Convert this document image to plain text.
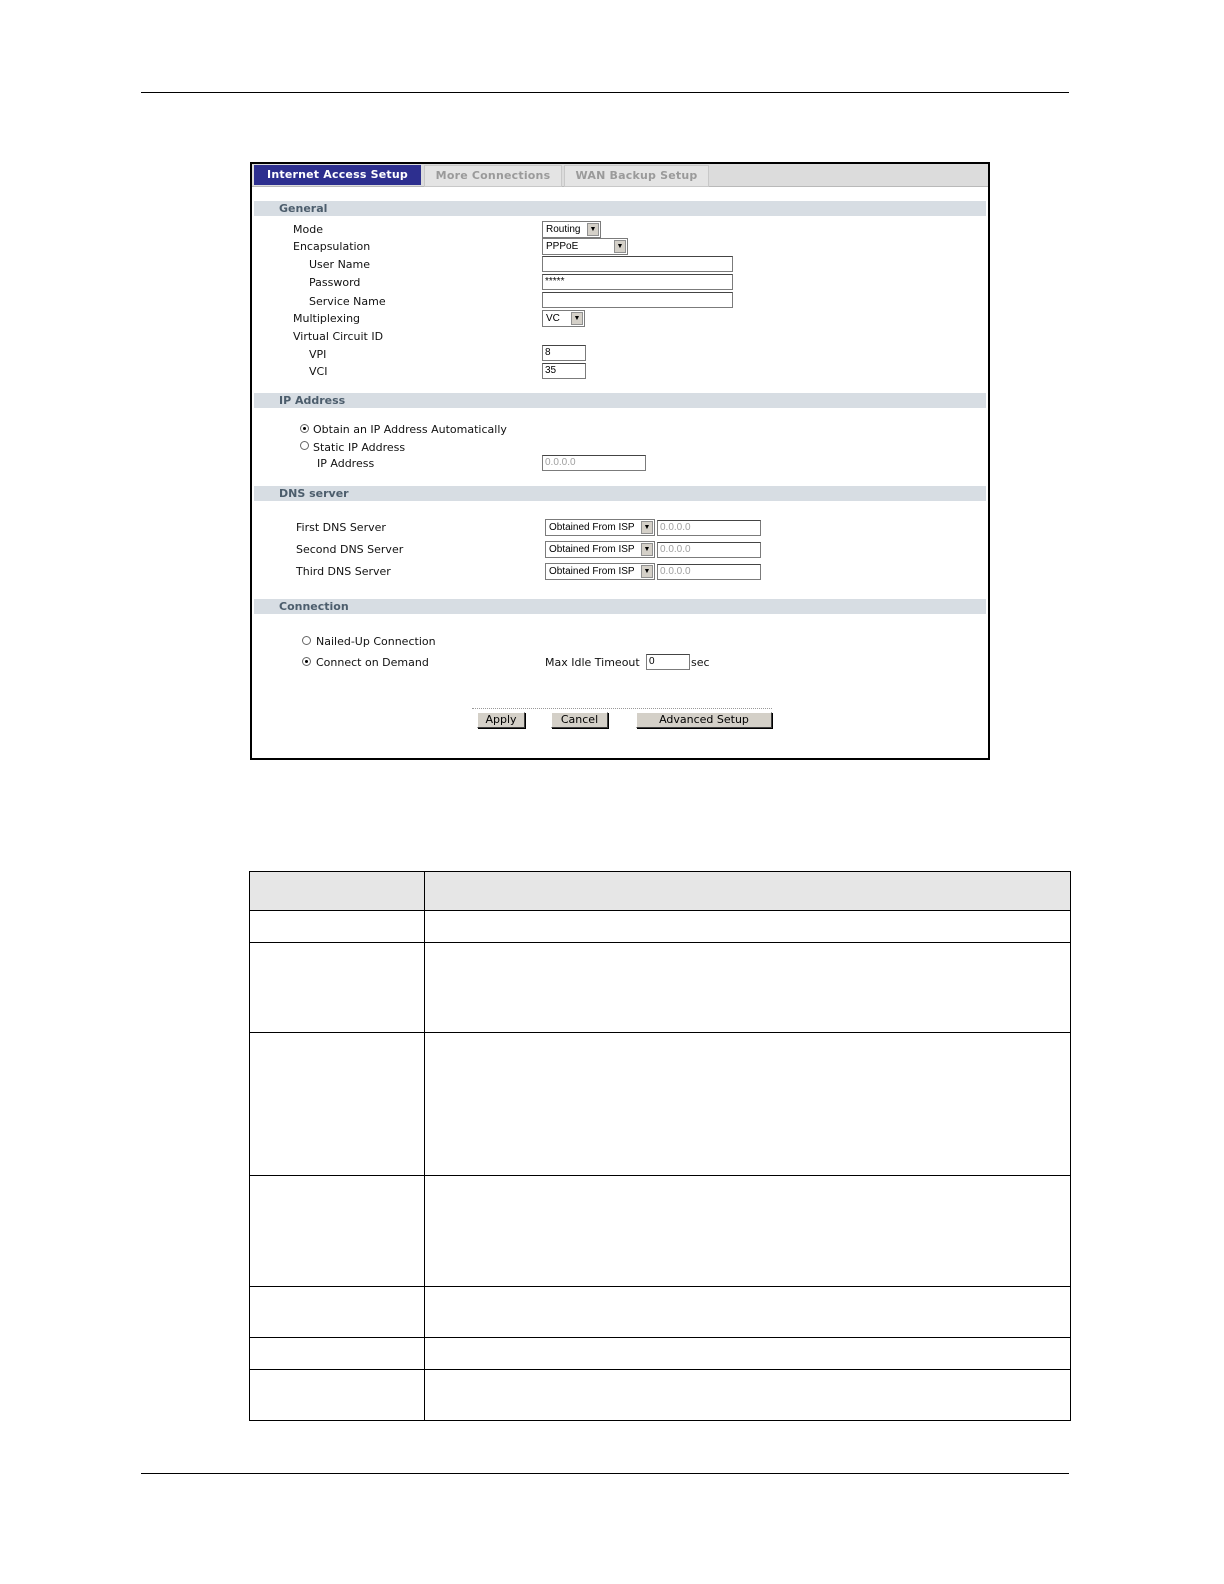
Internet Access Setup	More Connections	WAN Backup Setup
General
Mode	Routing	▼
Encapsulation	PPPoE	▼
User Name
Password	*****
Service Name
Multiplexing	VC	▼
Virtual Circuit ID
VPI	8
VCI	35
IP Address
Obtain an IP Address Automatically
Static IP Address
IP Address	0.0.0.0
DNS server
First DNS Server	Obtained From ISP	▼ 0.0.0.0
Second DNS Server	Obtained From ISP	▼ 0.0.0.0
Third DNS Server	Obtained From ISP	▼ 0.0.0.0
Connection
Nailed-Up Connection
Connect on Demand	Max Idle Timeout 0	sec
Apply	Cancel	Advanced Setup
